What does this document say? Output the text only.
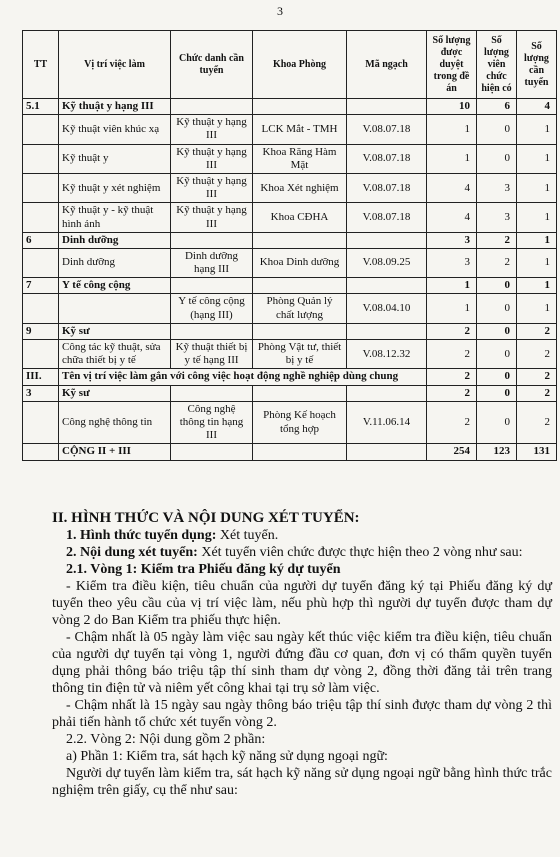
3
TT	Vị trí việc làm	Chức danh cần tuyển	Khoa Phòng	Mã ngạch	Số lượng được duyệt trong đề án	Số lượng viên chức hiện có	Số lượng cần tuyển
5.1	Kỹ thuật y hạng III				10	6	4
	Kỹ thuật viên khúc xạ	Kỹ thuật y hạng III	LCK Mắt - TMH	V.08.07.18	1	0	1
	Kỹ thuật y	Kỹ thuật y hạng III	Khoa Răng Hàm Mặt	V.08.07.18	1	0	1
	Kỹ thuật y xét nghiệm	Kỹ thuật y hạng III	Khoa Xét nghiệm	V.08.07.18	4	3	1
	Kỹ thuật y - kỹ thuật hình ảnh	Kỹ thuật y hạng III	Khoa CĐHA	V.08.07.18	4	3	1
6	Dinh dưỡng				3	2	1
	Dinh dưỡng	Dinh dưỡng hạng III	Khoa Dinh dưỡng	V.08.09.25	3	2	1
7	Y tế công cộng				1	0	1
		Y tế công cộng (hạng III)	Phòng Quản lý chất lượng	V.08.04.10	1	0	1
9	Kỹ sư				2	0	2
	Công tác kỹ thuật, sửa chữa thiết bị y tế	Kỹ thuật thiết bị y tế hạng III	Phòng Vật tư, thiết bị y tế	V.08.12.32	2	0	2
III.	Tên vị trí việc làm gắn với công việc hoạt động nghề nghiệp dùng chung				2	0	2
3	Kỹ sư				2	0	2
	Công nghệ thông tin	Công nghệ thông tin hạng III	Phòng Kế hoạch tổng hợp	V.11.06.14	2	0	2
	CỘNG II + III				254	123	131

II. HÌNH THỨC VÀ NỘI DUNG XÉT TUYỂN:

1. Hình thức tuyển dụng: Xét tuyển.

2. Nội dung xét tuyển: Xét tuyển viên chức được thực hiện theo 2 vòng như sau:

2.1. Vòng 1: Kiểm tra Phiếu đăng ký dự tuyển

- Kiểm tra điều kiện, tiêu chuẩn của người dự tuyển đăng ký tại Phiếu đăng ký dự tuyển theo yêu cầu của vị trí việc làm, nếu phù hợp thì người dự tuyển được tham dự vòng 2 do Ban Kiểm tra phiếu thực hiện.

- Chậm nhất là 05 ngày làm việc sau ngày kết thúc việc kiểm tra điều kiện, tiêu chuẩn của người dự tuyển tại vòng 1, người đứng đầu cơ quan, đơn vị có thẩm quyền tuyển dụng phải thông báo triệu tập thí sinh tham dự vòng 2, đồng thời đăng tải trên trang thông tin điện tử và niêm yết công khai tại trụ sở làm việc.

- Chậm nhất là 15 ngày sau ngày thông báo triệu tập thí sinh được tham dự vòng 2 thì phải tiến hành tổ chức xét tuyển vòng 2.

2.2. Vòng 2: Nội dung gồm 2 phần:

a) Phần 1: Kiểm tra, sát hạch kỹ năng sử dụng ngoại ngữ:

Người dự tuyển làm kiểm tra, sát hạch kỹ năng sử dụng ngoại ngữ bằng hình thức trắc nghiệm trên giấy, cụ thể như sau:
